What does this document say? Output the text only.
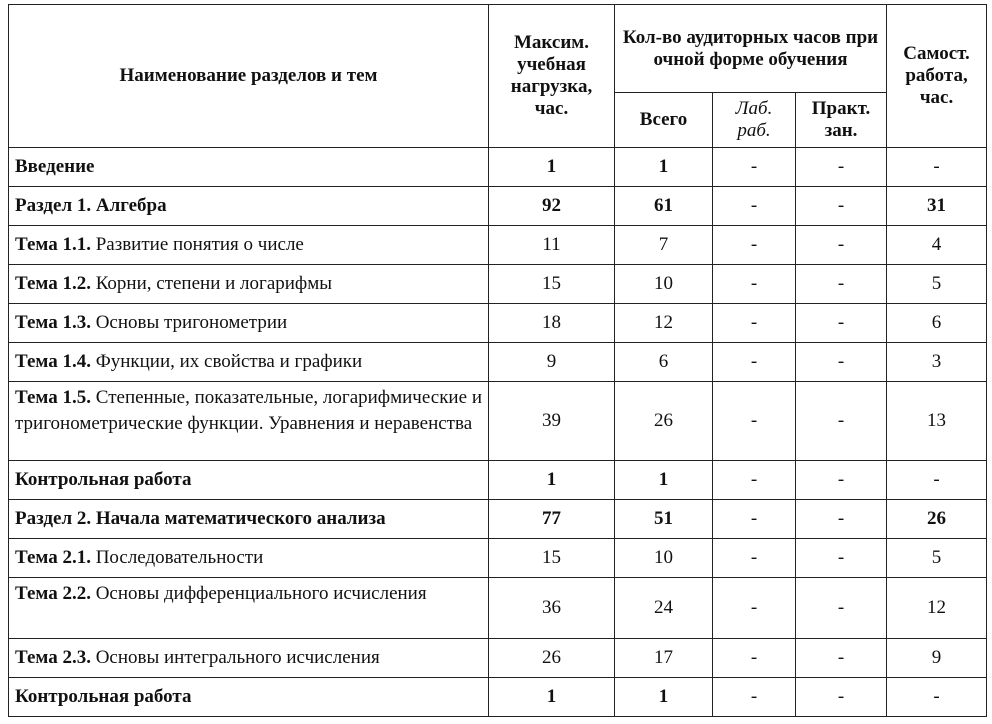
Наименование разделов и тем	Максим. учебная нагрузка, час.	Кол-во аудиторных часов при очной форме обучения			Самост. работа, час.
		Всего	Лаб. раб.	Практ. зан.	
Введение	1	1	-	-	-
Раздел 1. Алгебра	92	61	-	-	31
Тема 1.1. Развитие понятия о числе	11	7	-	-	4
Тема 1.2. Корни, степени и логарифмы	15	10	-	-	5
Тема 1.3. Основы тригонометрии	18	12	-	-	6
Тема 1.4. Функции, их свойства и графики	9	6	-	-	3
Тема 1.5. Степенные, показательные, логарифмические и тригонометрические функции. Уравнения и неравенства	39	26	-	-	13
Контрольная работа	1	1	-	-	-
Раздел 2. Начала математического анализа	77	51	-	-	26
Тема 2.1. Последовательности	15	10	-	-	5
Тема 2.2. Основы дифференциального исчисления	36	24	-	-	12
Тема 2.3. Основы интегрального исчисления	26	17	-	-	9
Контрольная работа	1	1	-	-	-
